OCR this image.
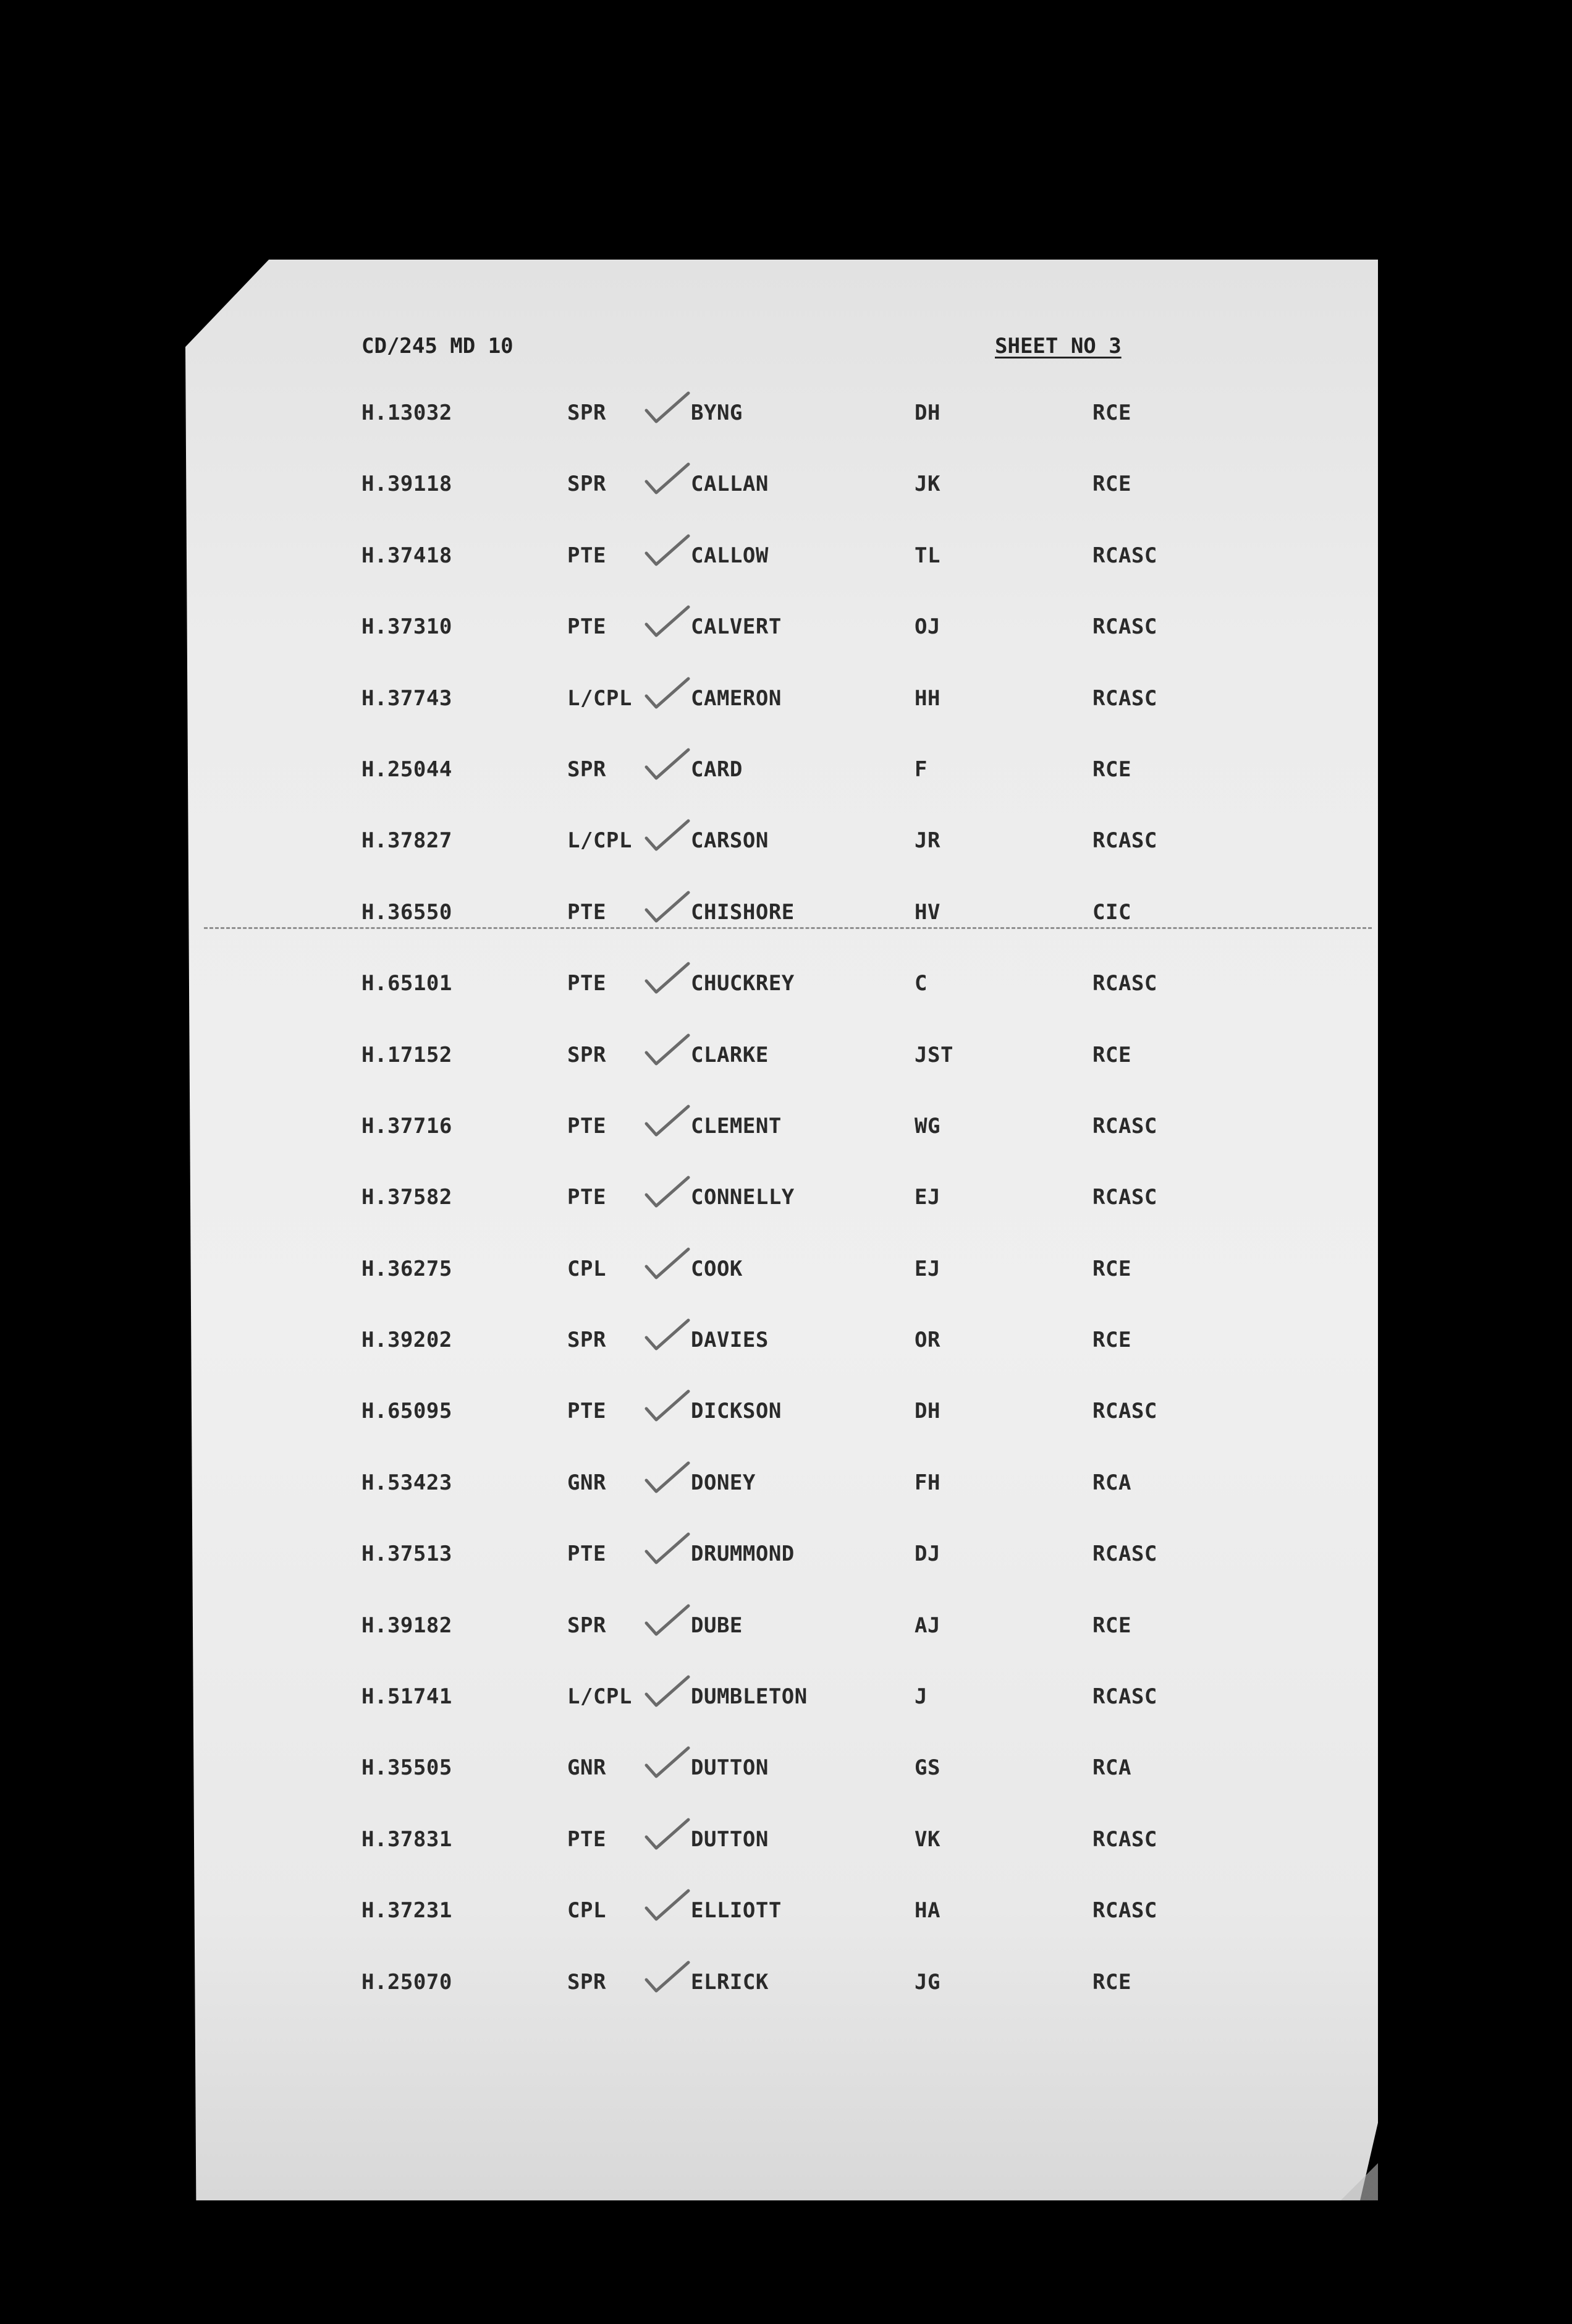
CD/245 MD 10	SHEET NO 3
H.13032	SPR	BYNG	DH	RCE
H.39118	SPR	CALLAN	JK	RCE
H.37418	PTE	CALLOW	TL	RCASC
H.37310	PTE	CALVERT	OJ	RCASC
H.37743	L/CPL	CAMERON	HH	RCASC
H.25044	SPR	CARD	F	RCE
H.37827	L/CPL	CARSON	JR	RCASC
H.36550	PTE	CHISHORE	HV	CIC
H.65101	PTE	CHUCKREY	C	RCASC
H.17152	SPR	CLARKE	JST	RCE
H.37716	PTE	CLEMENT	WG	RCASC
H.37582	PTE	CONNELLY	EJ	RCASC
H.36275	CPL	COOK	EJ	RCE
H.39202	SPR	DAVIES	OR	RCE
H.65095	PTE	DICKSON	DH	RCASC
H.53423	GNR	DONEY	FH	RCA
H.37513	PTE	DRUMMOND	DJ	RCASC
H.39182	SPR	DUBE	AJ	RCE
H.51741	L/CPL	DUMBLETON	J	RCASC
H.35505	GNR	DUTTON	GS	RCA
H.37831	PTE	DUTTON	VK	RCASC
H.37231	CPL	ELLIOTT	HA	RCASC
H.25070	SPR	ELRICK	JG	RCE
